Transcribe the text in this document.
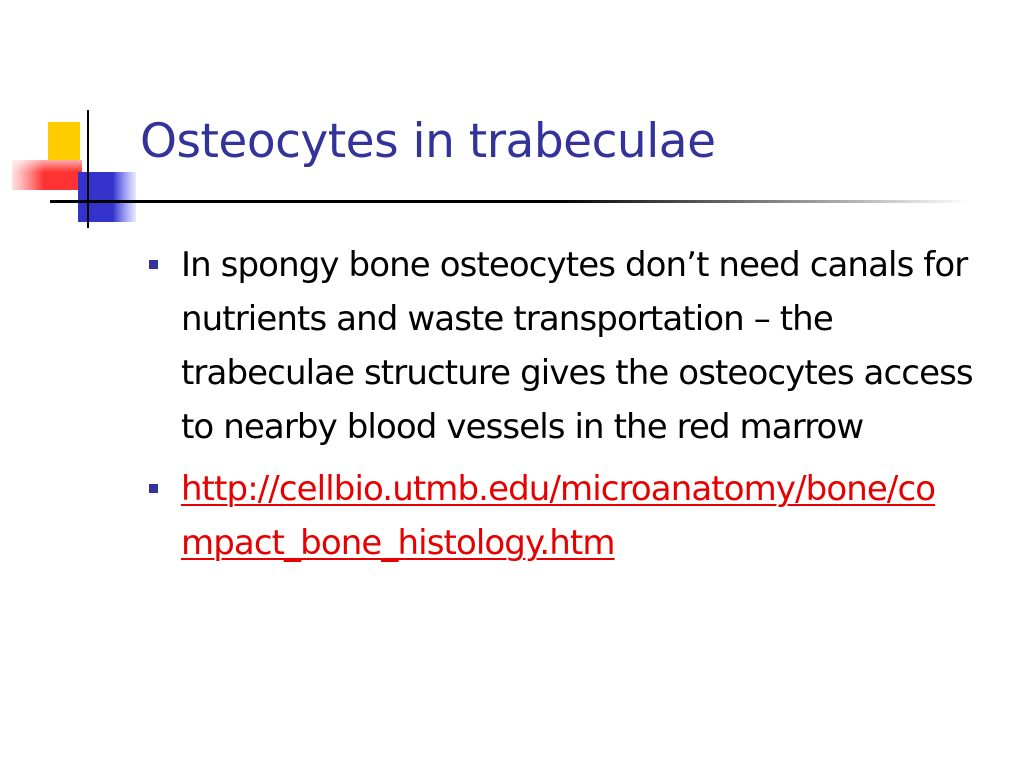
Osteocytes in trabeculae
In spongy bone osteocytes don’t need canals for nutrients and waste transportation – the trabeculae structure gives the osteocytes access to nearby blood vessels in the red marrow
http://cellbio.utmb.edu/microanatomy/bone/compact_bone_histology.htm
